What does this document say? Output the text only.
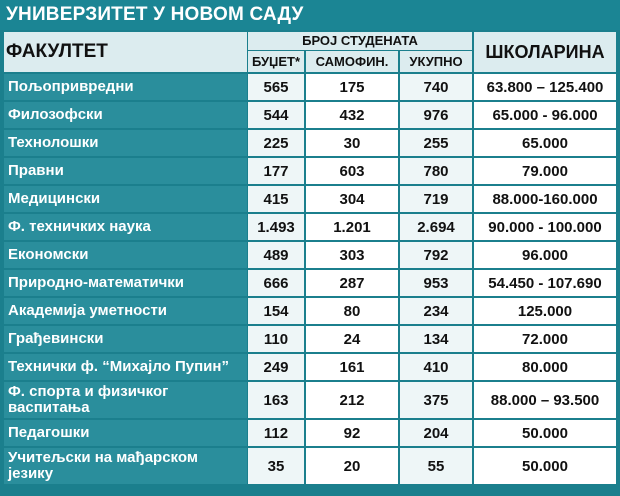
УНИВЕРЗИТЕТ У НОВОМ САДУ
ФАКУЛТЕТ
БРОЈ СТУДЕНАТА
БУЏЕТ*	САМОФИН.	УКУПНО	ШКОЛАРИНА
Пољопривредни	565	175	740	63.800 – 125.400
Филозофски	544	432	976	65.000 - 96.000
Технолошки	225	30	255	65.000
Правни	177	603	780	79.000
Медицински	415	304	719	88.000-160.000
Ф. техничких наука	1.493	1.201	2.694	90.000 - 100.000
Економски	489	303	792	96.000
Природно-математички	666	287	953	54.450 - 107.690
Академија уметности	154	80	234	125.000
Грађевински	110	24	134	72.000
Технички ф. “Михајло Пупин”	249	161	410	80.000
Ф. спорта и физичког васпитања	163	212	375	88.000 – 93.500
Педагошки	112	92	204	50.000
Учитељски на мађарском језику	35	20	55	50.000
